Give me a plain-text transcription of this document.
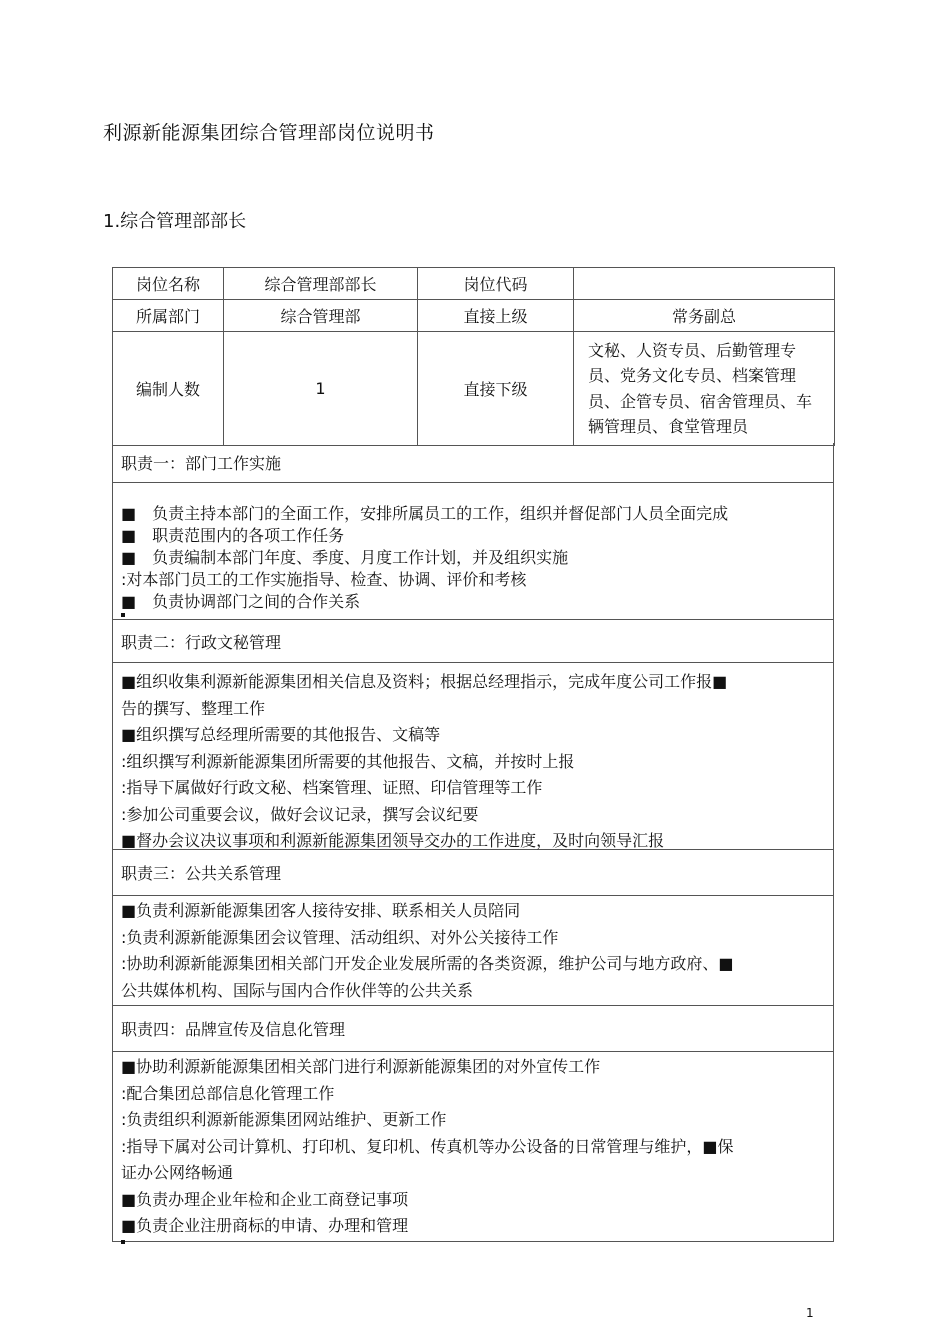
利源新能源集团综合管理部岗位说明书
1.综合管理部部长
岗位名称	综合管理部部长	岗位代码	
所属部门	综合管理部	直接上级	常务副总
编制人数	1	直接下级	文秘、人资专员、后勤管理专员、党务文化专员、档案管理员、企管专员、宿舍管理员、车辆管理员、食堂管理员
职责一：部门工作实施
■　负责主持本部门的全面工作，安排所属员工的工作，组织并督促部门人员全面完成
■　职责范围内的各项工作任务
■　负责编制本部门年度、季度、月度工作计划，并及组织实施
:对本部门员工的工作实施指导、检查、协调、评价和考核
■　负责协调部门之间的合作关系
职责二：行政文秘管理
■组织收集利源新能源集团相关信息及资料；根据总经理指示，完成年度公司工作报■
告的撰写、整理工作
■组织撰写总经理所需要的其他报告、文稿等
:组织撰写利源新能源集团所需要的其他报告、文稿，并按时上报
:指导下属做好行政文秘、档案管理、证照、印信管理等工作
:参加公司重要会议，做好会议记录，撰写会议纪要
■督办会议决议事项和利源新能源集团领导交办的工作进度，及时向领导汇报
职责三：公共关系管理
■负责利源新能源集团客人接待安排、联系相关人员陪同
:负责利源新能源集团会议管理、活动组织、对外公关接待工作
:协助利源新能源集团相关部门开发企业发展所需的各类资源，维护公司与地方政府、■
公共媒体机构、国际与国内合作伙伴等的公共关系
职责四：品牌宣传及信息化管理
■协助利源新能源集团相关部门进行利源新能源集团的对外宣传工作
:配合集团总部信息化管理工作
:负责组织利源新能源集团网站维护、更新工作
:指导下属对公司计算机、打印机、复印机、传真机等办公设备的日常管理与维护，■保
证办公网络畅通
■负责办理企业年检和企业工商登记事项
■负责企业注册商标的申请、办理和管理
1
